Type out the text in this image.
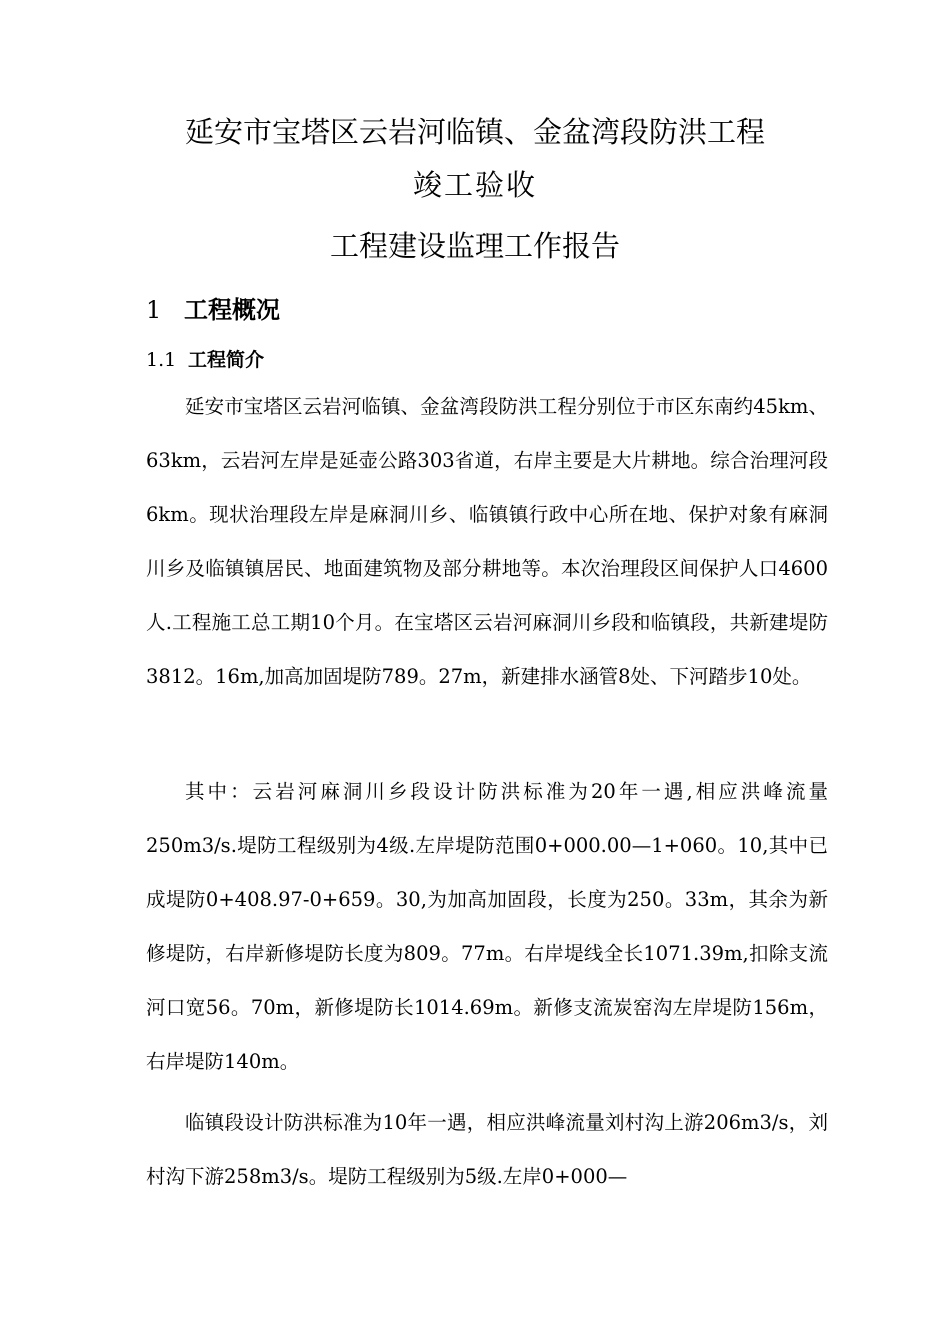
延安市宝塔区云岩河临镇、金盆湾段防洪工程
竣工验收
工程建设监理工作报告
1 工程概况
1.1 工程简介

延安市宝塔区云岩河临镇、金盆湾段防洪工程分别位于市区东南约45km、63km，云岩河左岸是延壶公路303省道，右岸主要是大片耕地。综合治理河段6km。现状治理段左岸是麻洞川乡、临镇镇行政中心所在地、保护对象有麻洞川乡及临镇镇居民、地面建筑物及部分耕地等。本次治理段区间保护人口4600人.工程施工总工期10个月。在宝塔区云岩河麻洞川乡段和临镇段，共新建堤防3812。16m,加高加固堤防789。27m，新建排水涵管8处、下河踏步10处。

其中：云岩河麻洞川乡段设计防洪标准为20年一遇,相应洪峰流量250m3/s.堤防工程级别为4级.左岸堤防范围0+000.00—1+060。10,其中已成堤防0+408.97-0+659。30,为加高加固段，长度为250。33m，其余为新修堤防，右岸新修堤防长度为809。77m。右岸堤线全长1071.39m,扣除支流河口宽56。70m，新修堤防长1014.69m。新修支流炭窑沟左岸堤防156m，右岸堤防140m。

临镇段设计防洪标准为10年一遇，相应洪峰流量刘村沟上游206m3/s，刘村沟下游258m3/s。堤防工程级别为5级.左岸0+000—
